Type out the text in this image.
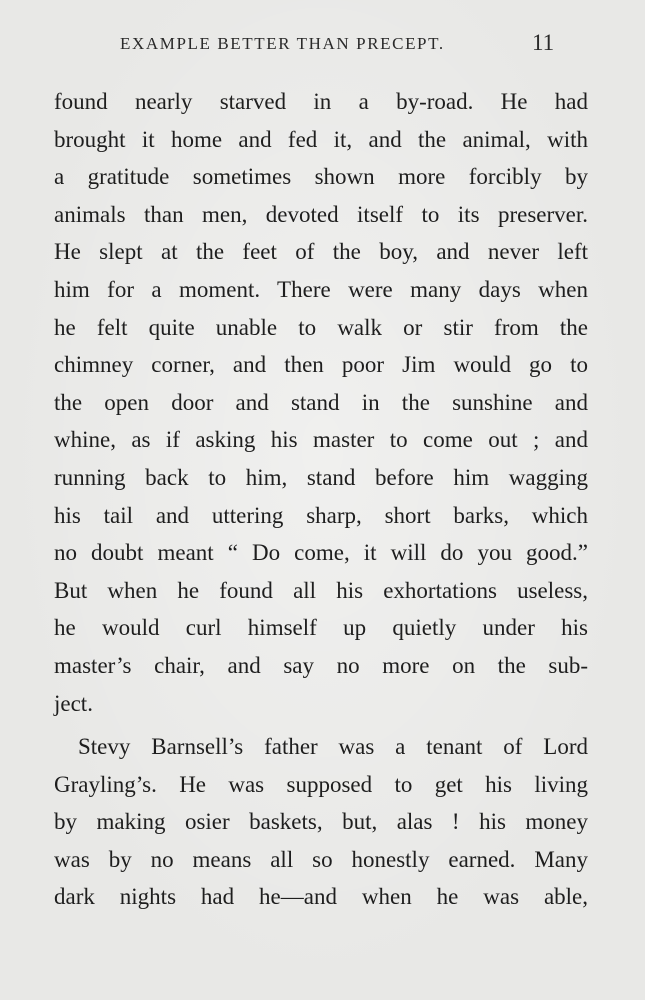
EXAMPLE BETTER THAN PRECEPT.	11
found nearly starved in a by-road. He had
brought it home and fed it, and the animal, with
a gratitude sometimes shown more forcibly by
animals than men, devoted itself to its preserver.
He slept at the feet of the boy, and never left
him for a moment. There were many days when
he felt quite unable to walk or stir from the
chimney corner, and then poor Jim would go to
the open door and stand in the sunshine and
whine, as if asking his master to come out ; and
running back to him, stand before him wagging
his tail and uttering sharp, short barks, which
no doubt meant “ Do come, it will do you good.”
But when he found all his exhortations useless,
he would curl himself up quietly under his
master’s chair, and say no more on the sub-
ject.
Stevy Barnsell’s father was a tenant of Lord
Grayling’s. He was supposed to get his living
by making osier baskets, but, alas ! his money
was by no means all so honestly earned. Many
dark nights had he—and when he was able,
